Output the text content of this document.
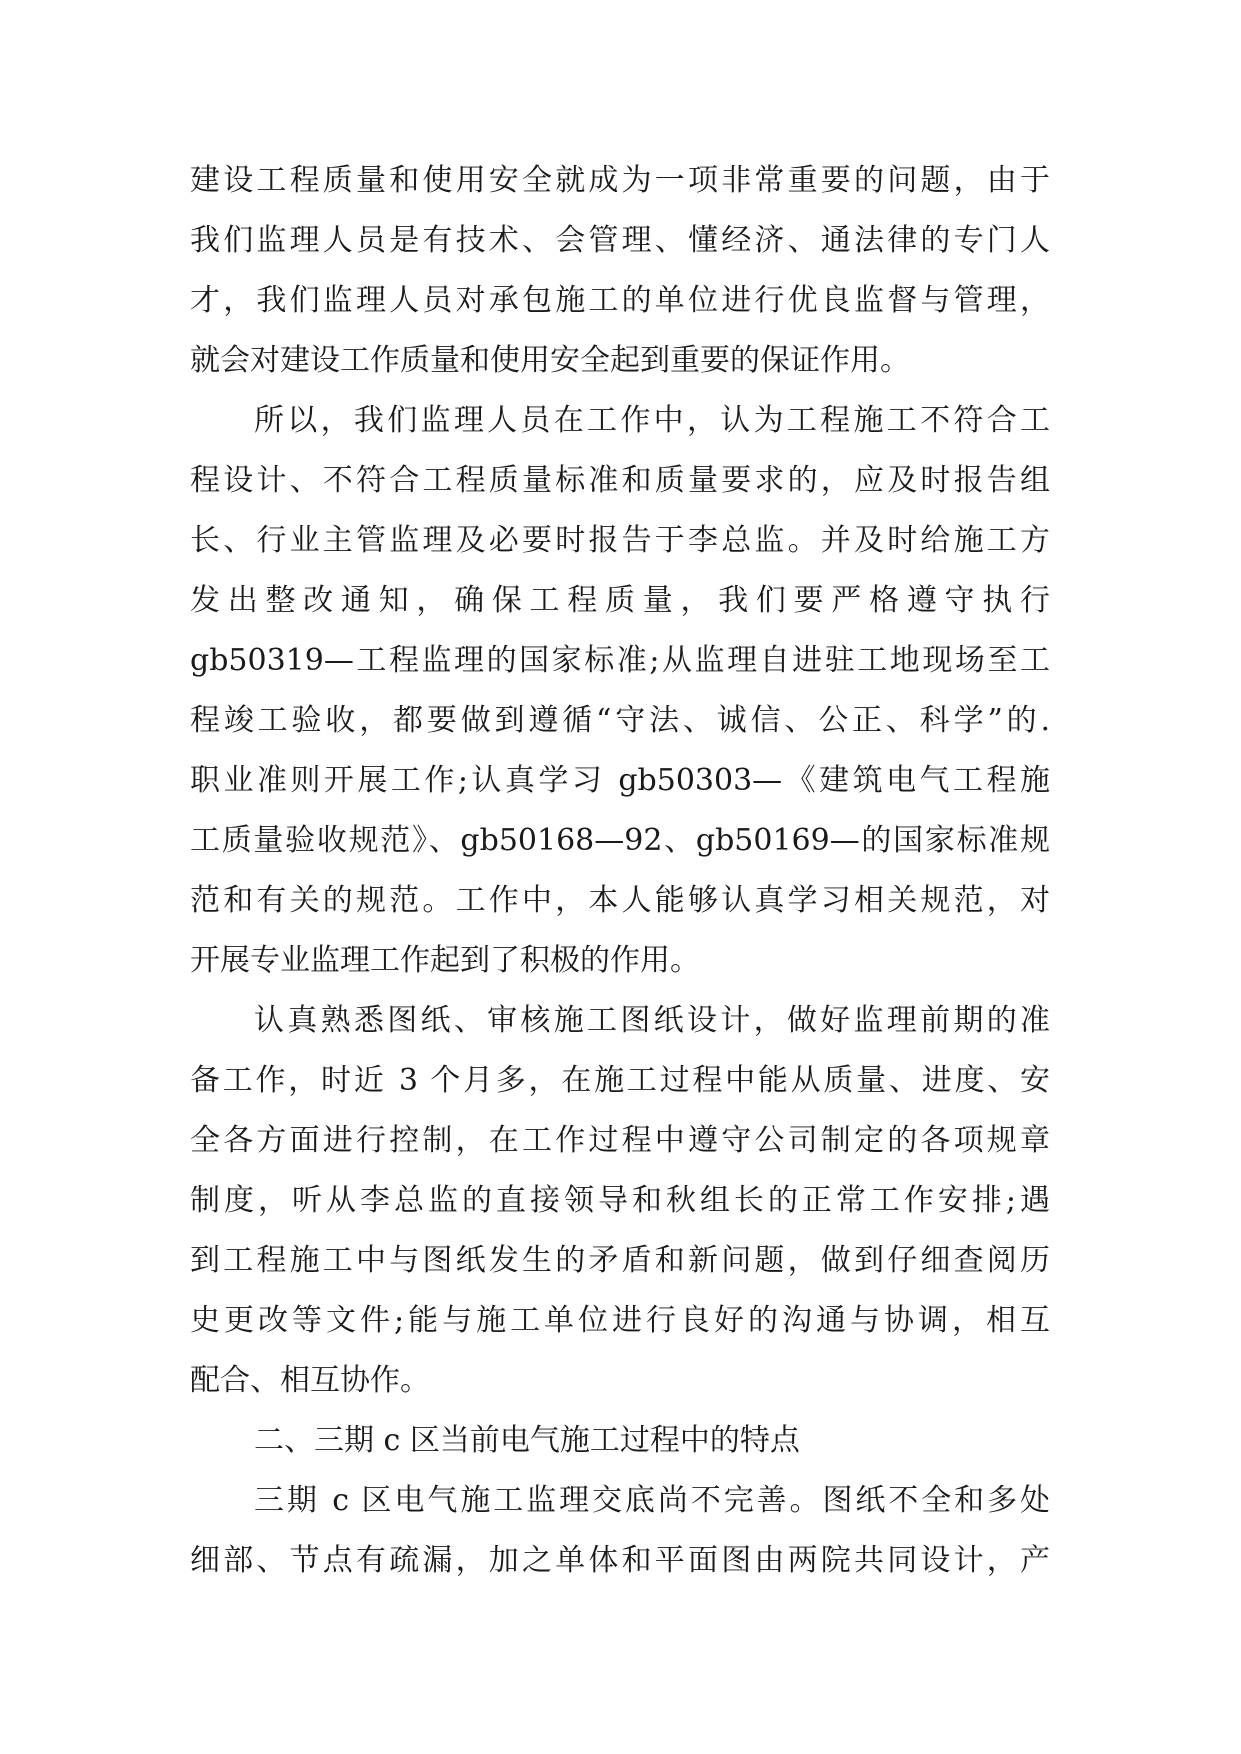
建设工程质量和使用安全就成为一项非常重要的问题，由于
我们监理人员是有技术、会管理、懂经济、通法律的专门人
才，我们监理人员对承包施工的单位进行优良监督与管理，
就会对建设工作质量和使用安全起到重要的保证作用。
所以，我们监理人员在工作中，认为工程施工不符合工
程设计、不符合工程质量标准和质量要求的，应及时报告组
长、行业主管监理及必要时报告于李总监。并及时给施工方
发出整改通知，确保工程质量，我们要严格遵守执行
gb50319—工程监理的国家标准;从监理自进驻工地现场至工
程竣工验收，都要做到遵循“守法、诚信、公正、科学”的.
职业准则开展工作;认真学习 gb50303—《建筑电气工程施
工质量验收规范》、gb50168—92、gb50169—的国家标准规
范和有关的规范。工作中，本人能够认真学习相关规范，对
开展专业监理工作起到了积极的作用。
认真熟悉图纸、审核施工图纸设计，做好监理前期的准
备工作，时近 3 个月多，在施工过程中能从质量、进度、安
全各方面进行控制，在工作过程中遵守公司制定的各项规章
制度，听从李总监的直接领导和秋组长的正常工作安排;遇
到工程施工中与图纸发生的矛盾和新问题，做到仔细查阅历
史更改等文件;能与施工单位进行良好的沟通与协调，相互
配合、相互协作。
二、三期 c 区当前电气施工过程中的特点
三期 c 区电气施工监理交底尚不完善。图纸不全和多处
细部、节点有疏漏，加之单体和平面图由两院共同设计，产
